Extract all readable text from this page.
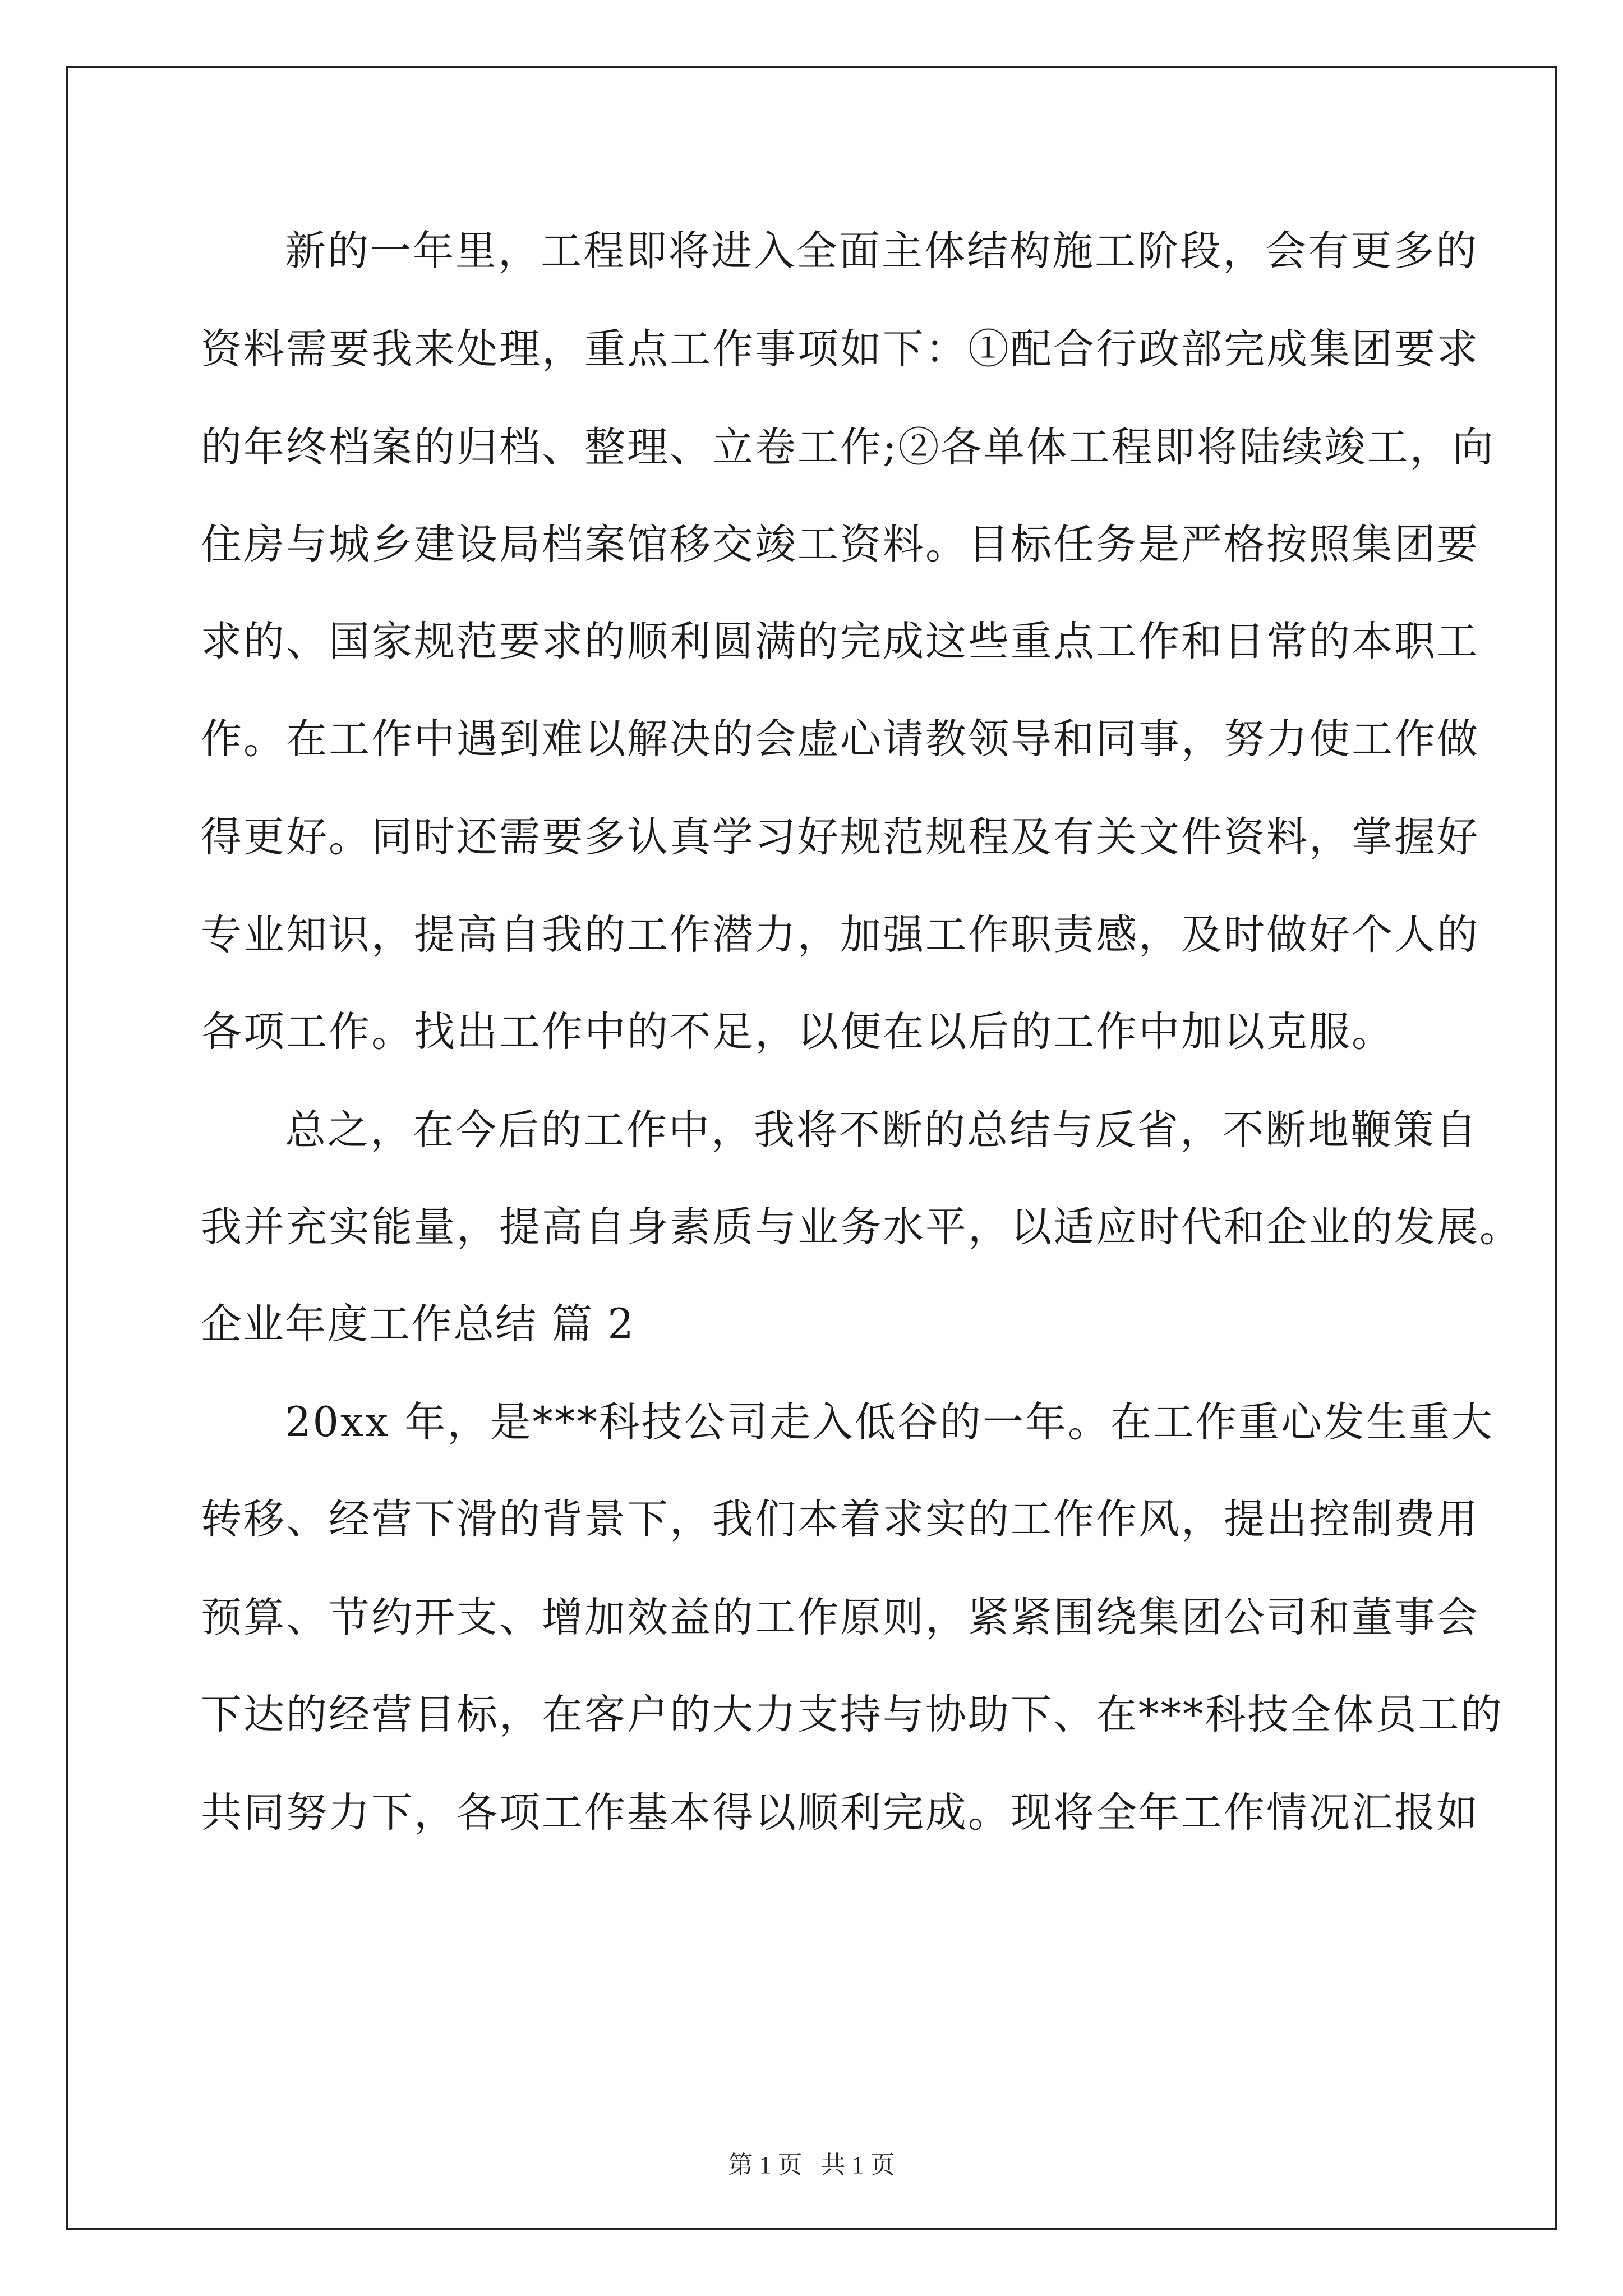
新的一年里，工程即将进入全面主体结构施工阶段，会有更多的
资料需要我来处理，重点工作事项如下：①配合行政部完成集团要求
的年终档案的归档、整理、立卷工作;②各单体工程即将陆续竣工，向
住房与城乡建设局档案馆移交竣工资料。目标任务是严格按照集团要
求的、国家规范要求的顺利圆满的完成这些重点工作和日常的本职工
作。在工作中遇到难以解决的会虚心请教领导和同事，努力使工作做
得更好。同时还需要多认真学习好规范规程及有关文件资料，掌握好
专业知识，提高自我的工作潜力，加强工作职责感，及时做好个人的
各项工作。找出工作中的不足，以便在以后的工作中加以克服。
总之，在今后的工作中，我将不断的总结与反省，不断地鞭策自
我并充实能量，提高自身素质与业务水平，以适应时代和企业的发展。
企业年度工作总结 篇 2
20xx 年，是***科技公司走入低谷的一年。在工作重心发生重大
转移、经营下滑的背景下，我们本着求实的工作作风，提出控制费用
预算、节约开支、增加效益的工作原则，紧紧围绕集团公司和董事会
下达的经营目标，在客户的大力支持与协助下、在***科技全体员工的
共同努力下，各项工作基本得以顺利完成。现将全年工作情况汇报如
第 1 页   共 1 页
